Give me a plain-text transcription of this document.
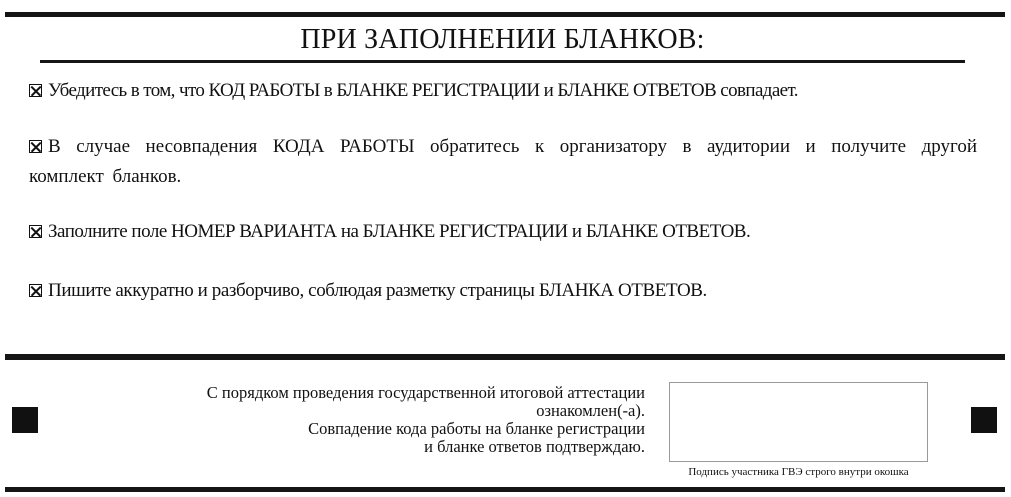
ПРИ ЗАПОЛНЕНИИ БЛАНКОВ:
Убедитесь в том, что КОД РАБОТЫ в БЛАНКЕ РЕГИСТРАЦИИ и БЛАНКЕ ОТВЕТОВ совпадает.
В случае несовпадения КОДА РАБОТЫ обратитесь к организатору в аудитории и получите другой комплект бланков.
Заполните поле НОМЕР ВАРИАНТА на БЛАНКЕ РЕГИСТРАЦИИ и БЛАНКЕ ОТВЕТОВ.
Пишите аккуратно и разборчиво, соблюдая разметку страницы БЛАНКА ОТВЕТОВ.
С порядком проведения государственной итоговой аттестации
ознакомлен(-а).
Совпадение кода работы на бланке регистрации
и бланке ответов подтверждаю.
Подпись участника ГВЭ строго внутри окошка
